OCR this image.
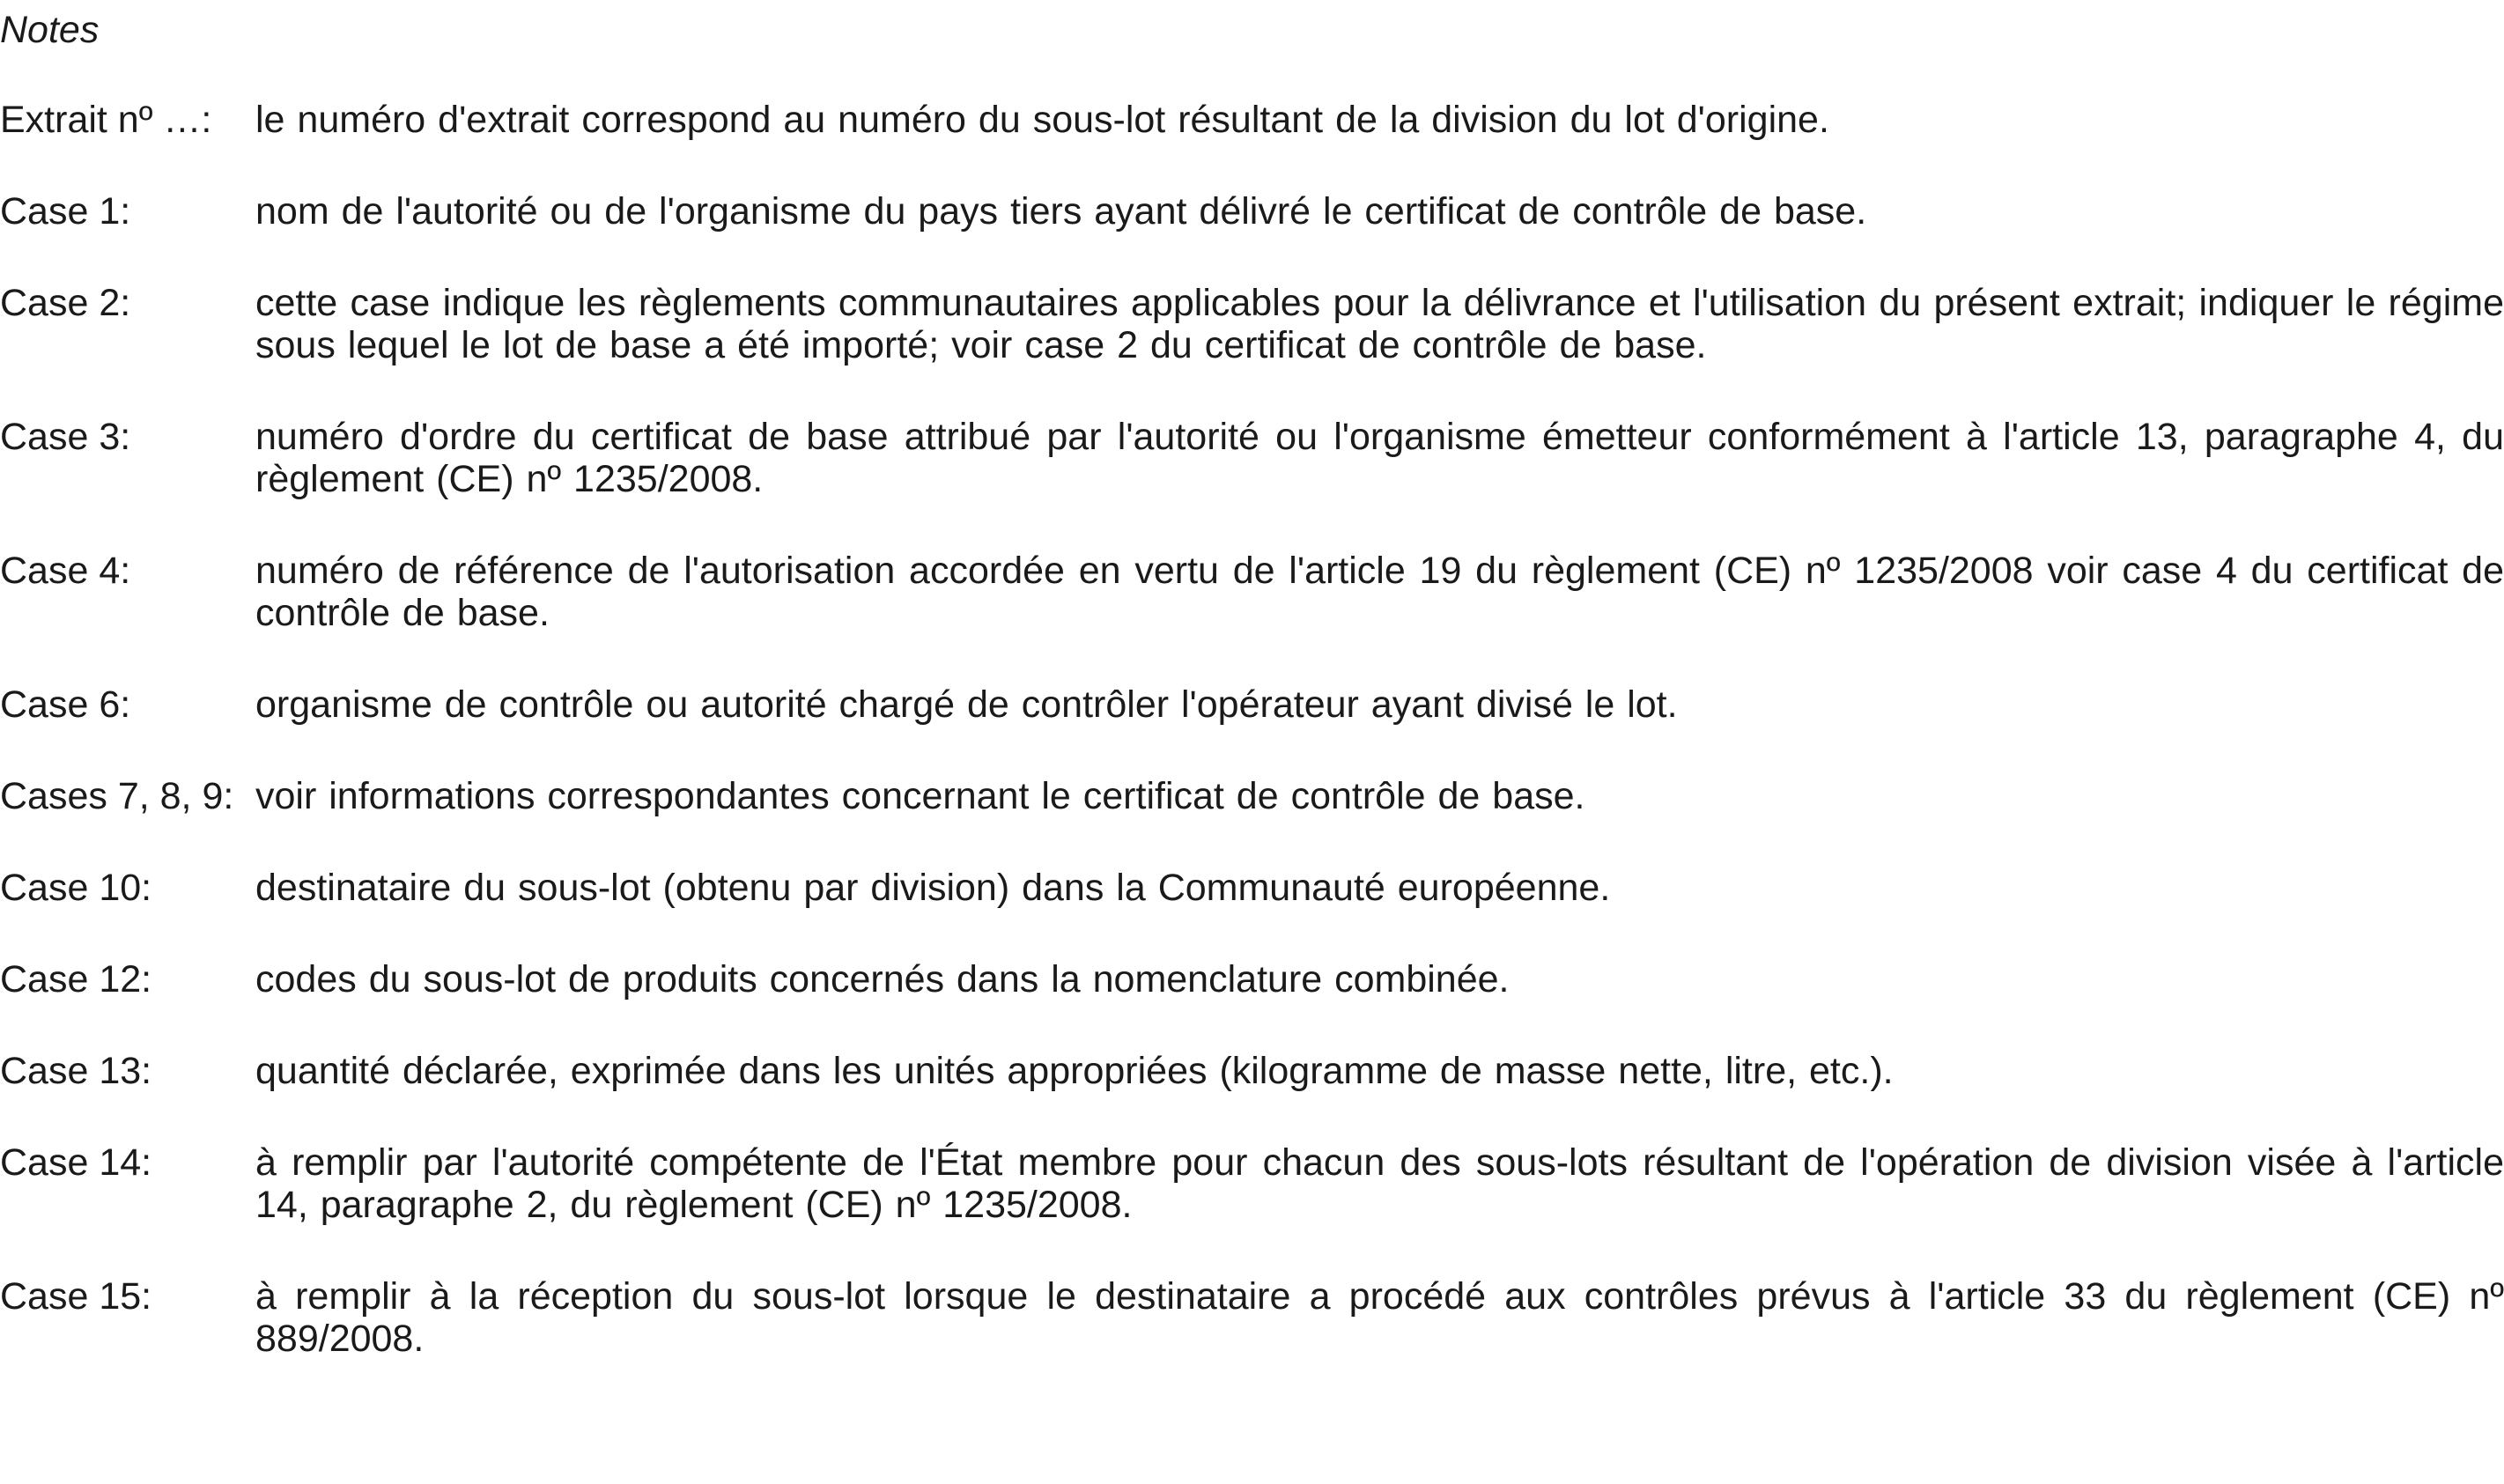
Notes
Extrait nº …:	le numéro d'extrait correspond au numéro du sous-lot résultant de la division du lot d'origine.
Case 1:	nom de l'autorité ou de l'organisme du pays tiers ayant délivré le certificat de contrôle de base.
Case 2:	cette case indique les règlements communautaires applicables pour la délivrance et l'utilisation du présent extrait; indiquer le régime sous lequel le lot de base a été importé; voir case 2 du certificat de contrôle de base.
Case 3:	numéro d'ordre du certificat de base attribué par l'autorité ou l'organisme émetteur conformément à l'article 13, paragraphe 4, du règlement (CE) nº 1235/2008.
Case 4:	numéro de référence de l'autorisation accordée en vertu de l'article 19 du règlement (CE) nº 1235/2008 voir case 4 du certificat de contrôle de base.
Case 6:	organisme de contrôle ou autorité chargé de contrôler l'opérateur ayant divisé le lot.
Cases 7, 8, 9: voir informations correspondantes concernant le certificat de contrôle de base.
Case 10:	destinataire du sous-lot (obtenu par division) dans la Communauté européenne.
Case 12:	codes du sous-lot de produits concernés dans la nomenclature combinée.
Case 13:	quantité déclarée, exprimée dans les unités appropriées (kilogramme de masse nette, litre, etc.).
Case 14:	à remplir par l'autorité compétente de l'État membre pour chacun des sous-lots résultant de l'opération de division visée à l'article 14, paragraphe 2, du règlement (CE) nº 1235/2008.
Case 15:	à remplir à la réception du sous-lot lorsque le destinataire a procédé aux contrôles prévus à l'article 33 du règlement (CE) nº 889/2008.
